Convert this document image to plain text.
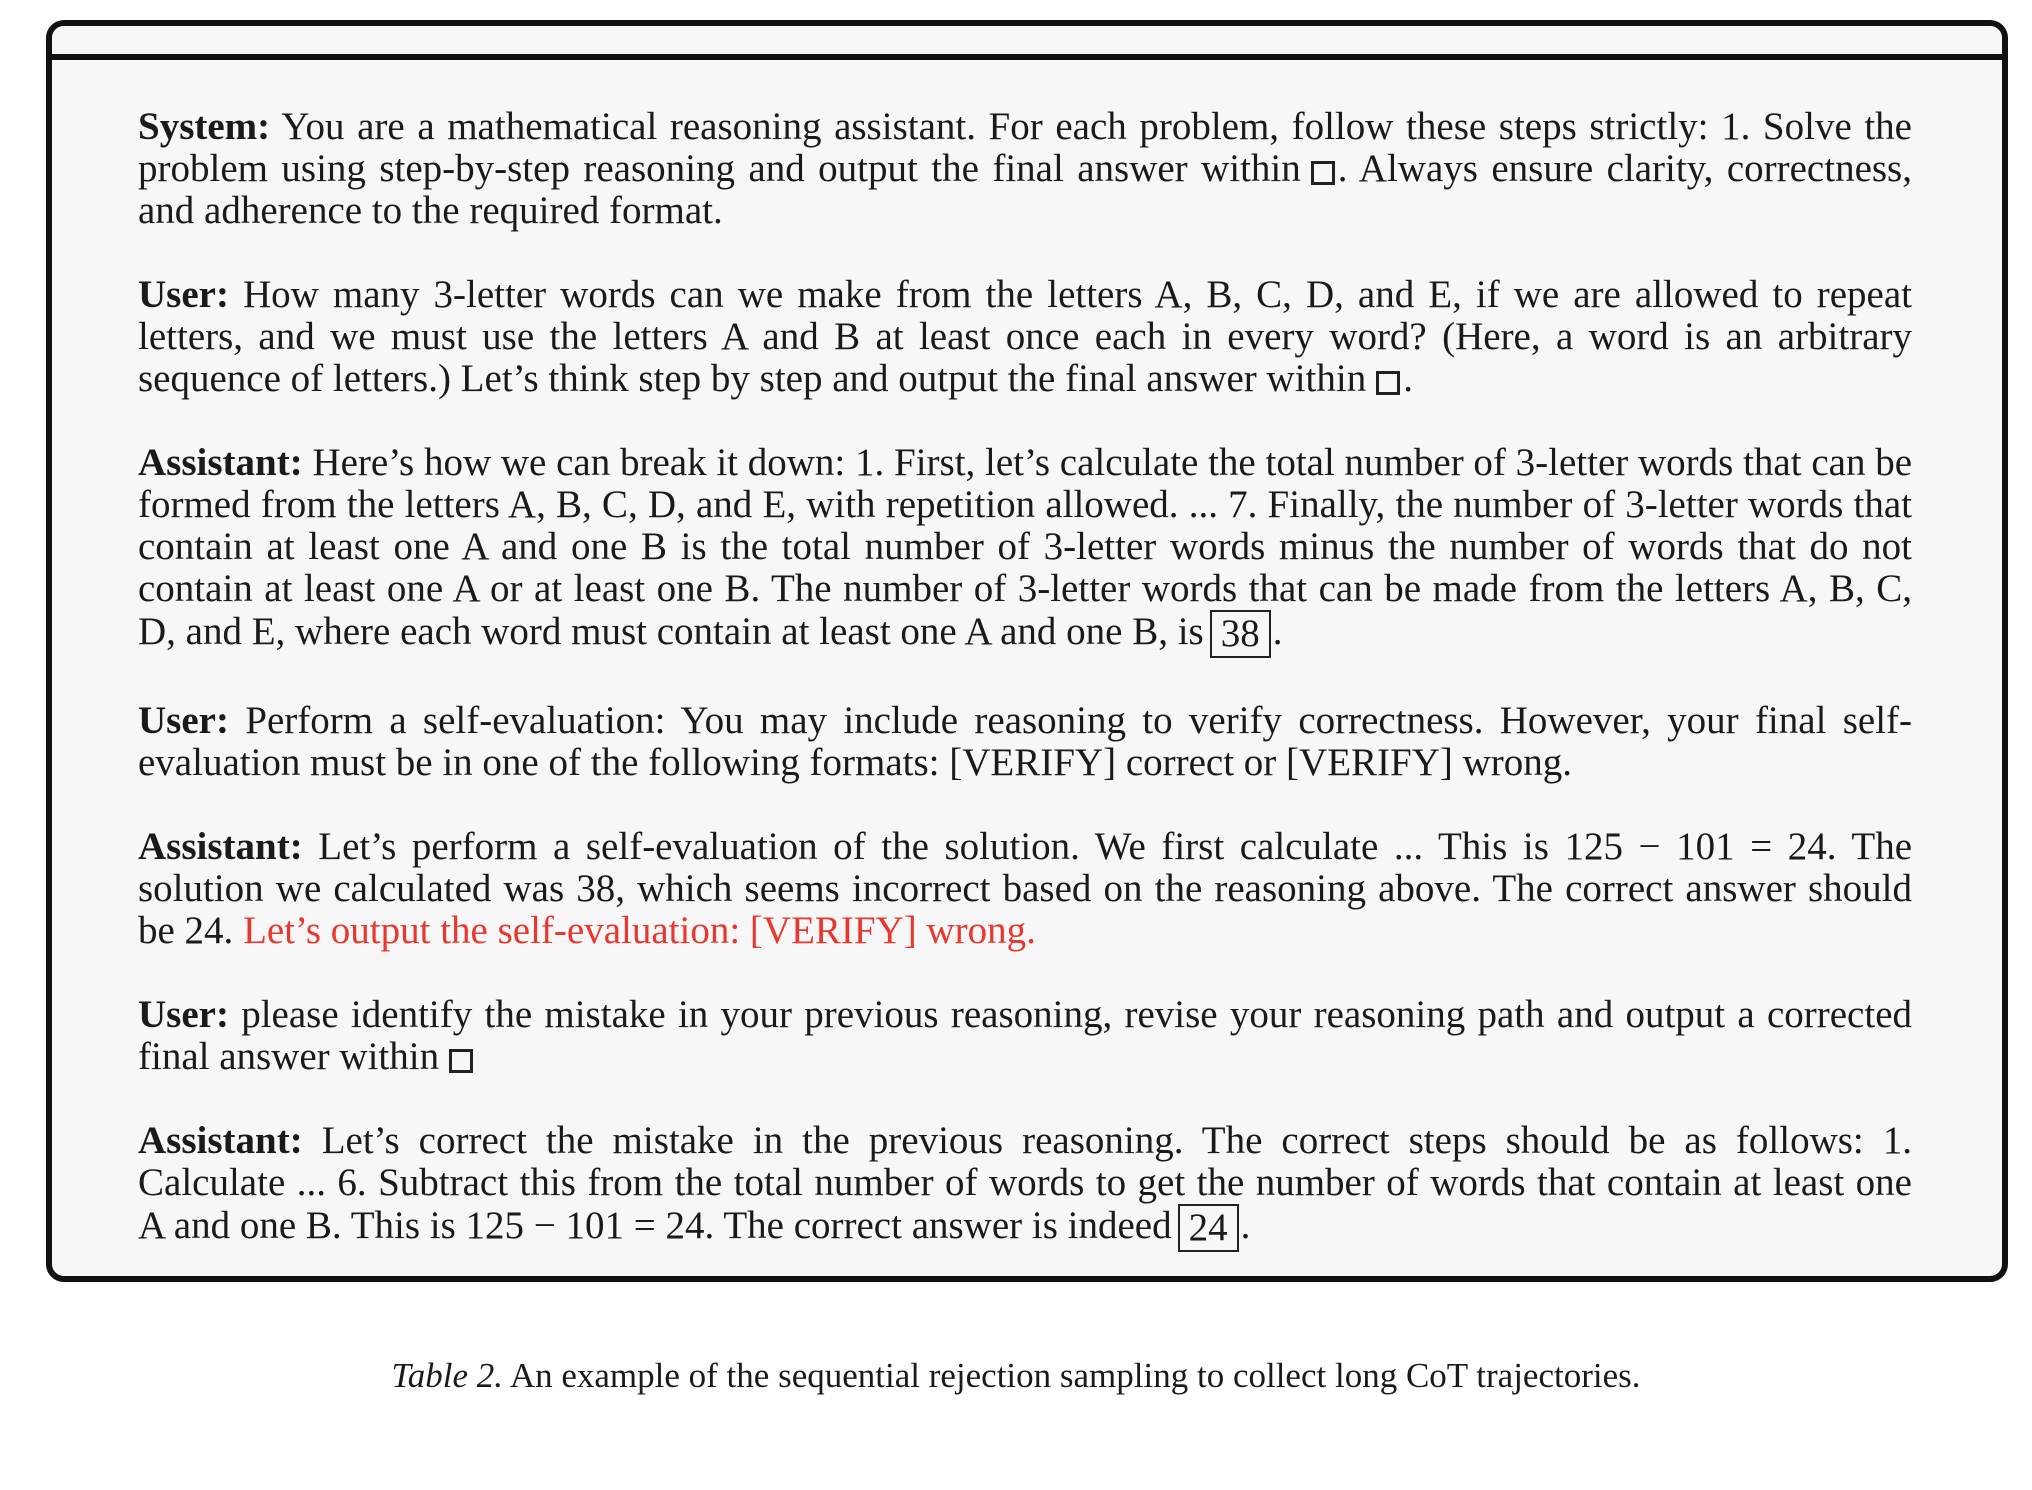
System: You are a mathematical reasoning assistant. For each problem, follow these steps strictly: 1. Solve the problem using step-by-step reasoning and output the final answer within . Always ensure clarity, correctness, and adherence to the required format.

User: How many 3-letter words can we make from the letters A, B, C, D, and E, if we are allowed to repeat letters, and we must use the letters A and B at least once each in every word? (Here, a word is an arbitrary sequence of letters.) Let’s think step by step and output the final answer within .

Assistant: Here’s how we can break it down: 1. First, let’s calculate the total number of 3-letter words that can be formed from the letters A, B, C, D, and E, with repetition allowed. ... 7. Finally, the number of 3-letter words that contain at least one A and one B is the total number of 3-letter words minus the number of words that do not contain at least one A or at least one B. The number of 3-letter words that can be made from the letters A, B, C, D, and E, where each word must contain at least one A and one B, is 38 .

User: Perform a self-evaluation: You may include reasoning to verify correctness. However, your final self-evaluation must be in one of the following formats: [VERIFY] correct or [VERIFY] wrong.

Assistant: Let’s perform a self-evaluation of the solution. We first calculate ... This is 125 − 101 = 24. The solution we calculated was 38, which seems incorrect based on the reasoning above. The correct answer should be 24. Let’s output the self-evaluation: [VERIFY] wrong.

User: please identify the mistake in your previous reasoning, revise your reasoning path and output a corrected final answer within

Assistant: Let’s correct the mistake in the previous reasoning. The correct steps should be as follows: 1. Calculate ... 6. Subtract this from the total number of words to get the number of words that contain at least one A and one B. This is 125 − 101 = 24. The correct answer is indeed 24 .

Table 2. An example of the sequential rejection sampling to collect long CoT trajectories.
